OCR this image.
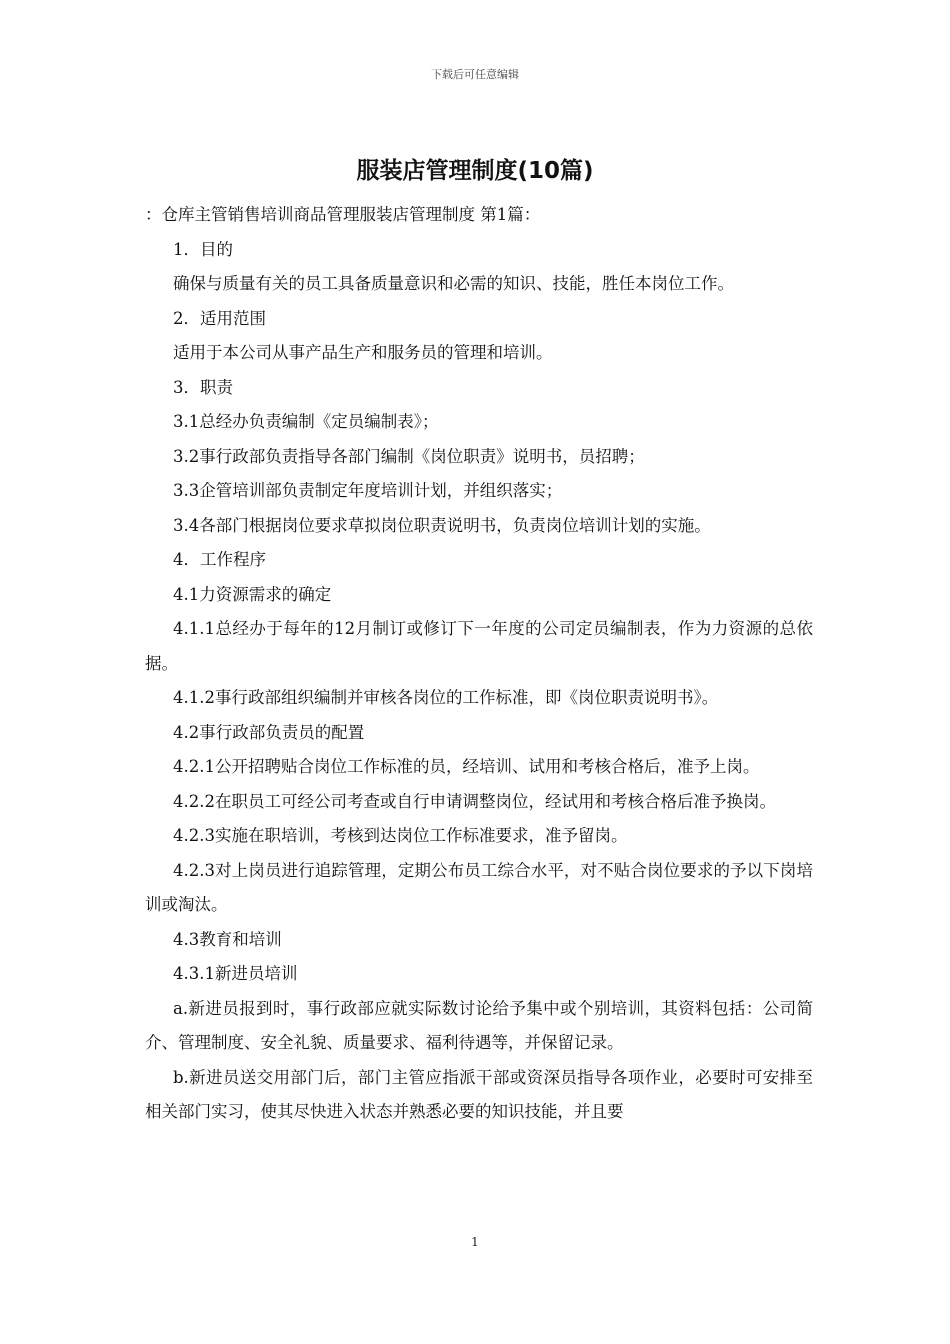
下载后可任意编辑
服装店管理制度(10篇)

：仓库主管销售培训商品管理服装店管理制度 第1篇：

1．目的

确保与质量有关的员工具备质量意识和必需的知识、技能，胜任本岗位工作。

2．适用范围

适用于本公司从事产品生产和服务员的管理和培训。

3．职责

3.1总经办负责编制《定员编制表》；

3.2事行政部负责指导各部门编制《岗位职责》说明书，员招聘；

3.3企管培训部负责制定年度培训计划，并组织落实；

3.4各部门根据岗位要求草拟岗位职责说明书，负责岗位培训计划的实施。

4．工作程序

4.1力资源需求的确定

4.1.1总经办于每年的12月制订或修订下一年度的公司定员编制表，作为力资源的总依据。

4.1.2事行政部组织编制并审核各岗位的工作标准，即《岗位职责说明书》。

4.2事行政部负责员的配置

4.2.1公开招聘贴合岗位工作标准的员，经培训、试用和考核合格后，准予上岗。

4.2.2在职员工可经公司考查或自行申请调整岗位，经试用和考核合格后准予换岗。

4.2.3实施在职培训，考核到达岗位工作标准要求，准予留岗。

4.2.3对上岗员进行追踪管理，定期公布员工综合水平，对不贴合岗位要求的予以下岗培训或淘汰。

4.3教育和培训

4.3.1新进员培训

a.新进员报到时，事行政部应就实际数讨论给予集中或个别培训，其资料包括：公司简介、管理制度、安全礼貌、质量要求、福利待遇等，并保留记录。

b.新进员送交用部门后，部门主管应指派干部或资深员指导各项作业，必要时可安排至相关部门实习，使其尽快进入状态并熟悉必要的知识技能，并且要

1
